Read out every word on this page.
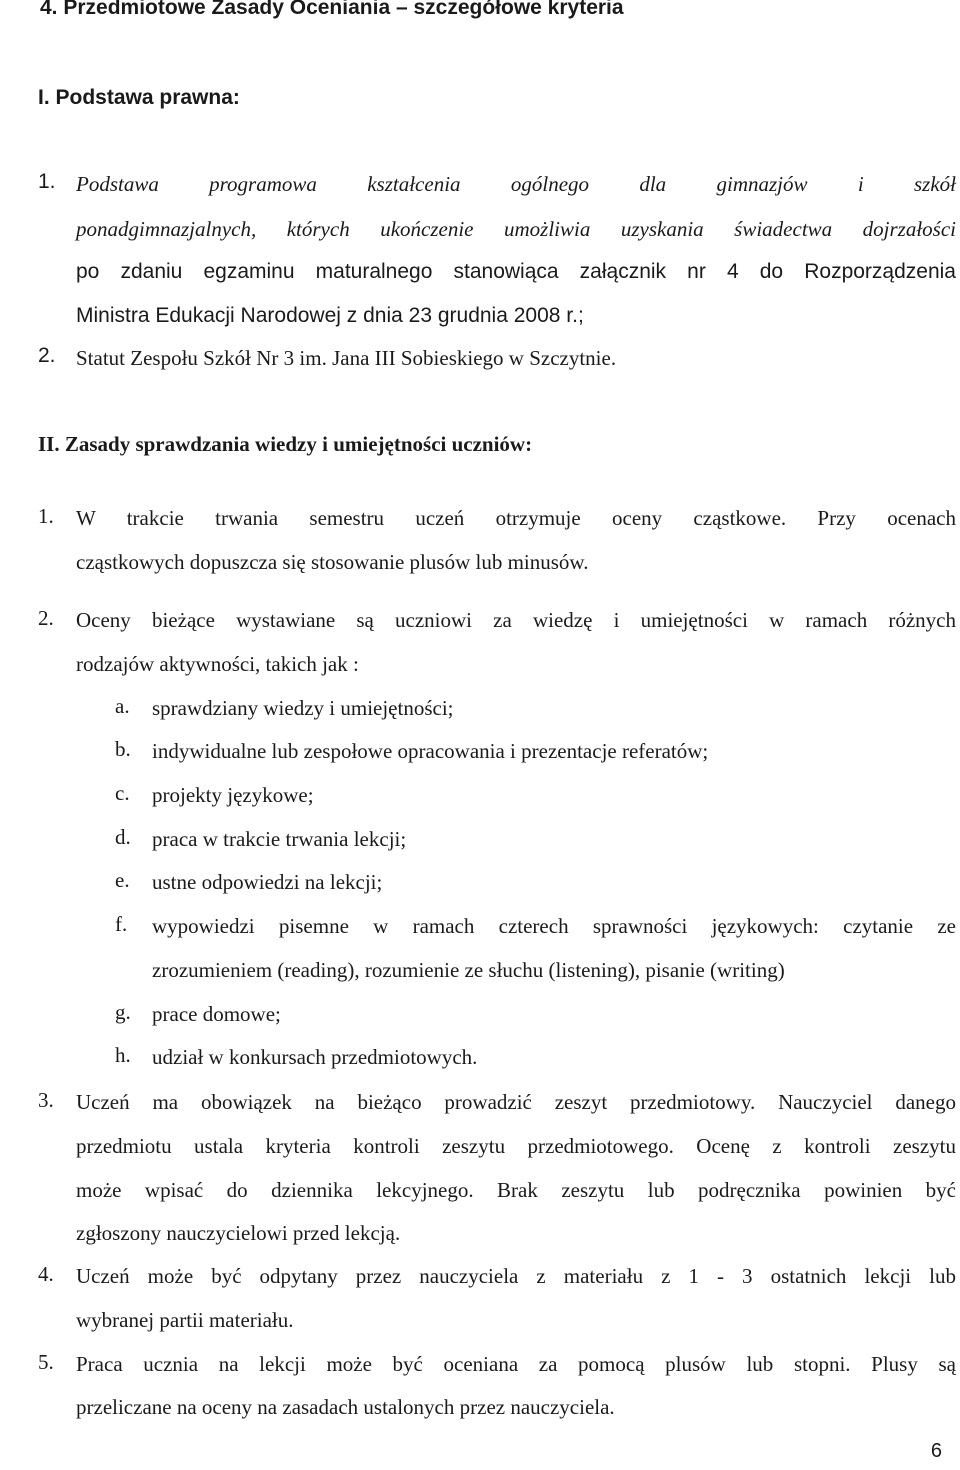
4. Przedmiotowe Zasady Oceniania – szczegółowe kryteria
I. Podstawa prawna:
1. Podstawa programowa kształcenia ogólnego dla gimnazjów i szkół
ponadgimnazjalnych, których ukończenie umożliwia uzyskania świadectwa dojrzałości
po zdaniu egzaminu maturalnego stanowiąca załącznik nr 4 do Rozporządzenia
Ministra Edukacji Narodowej z dnia 23 grudnia 2008 r.;
2. Statut Zespołu Szkół Nr 3 im. Jana III Sobieskiego w Szczytnie.
II. Zasady sprawdzania wiedzy i umiejętności uczniów:
1. W trakcie trwania semestru uczeń otrzymuje oceny cząstkowe. Przy ocenach
cząstkowych dopuszcza się stosowanie plusów lub minusów.
2. Oceny bieżące wystawiane są uczniowi za wiedzę i umiejętności w ramach różnych
rodzajów aktywności, takich jak :
a. sprawdziany wiedzy i umiejętności;
b. indywidualne lub zespołowe opracowania i prezentacje referatów;
c. projekty językowe;
d. praca w trakcie trwania lekcji;
e. ustne odpowiedzi na lekcji;
f. wypowiedzi pisemne w ramach czterech sprawności językowych: czytanie ze
zrozumieniem (reading), rozumienie ze słuchu (listening), pisanie (writing)
g. prace domowe;
h. udział w konkursach przedmiotowych.
3. Uczeń ma obowiązek na bieżąco prowadzić zeszyt przedmiotowy. Nauczyciel danego
przedmiotu ustala kryteria kontroli zeszytu przedmiotowego. Ocenę z kontroli zeszytu
może wpisać do dziennika lekcyjnego. Brak zeszytu lub podręcznika powinien być
zgłoszony nauczycielowi przed lekcją.
4. Uczeń może być odpytany przez nauczyciela z materiału z 1 - 3 ostatnich lekcji lub
wybranej partii materiału.
5. Praca ucznia na lekcji może być oceniana za pomocą plusów lub stopni. Plusy są
przeliczane na oceny na zasadach ustalonych przez nauczyciela.
6
